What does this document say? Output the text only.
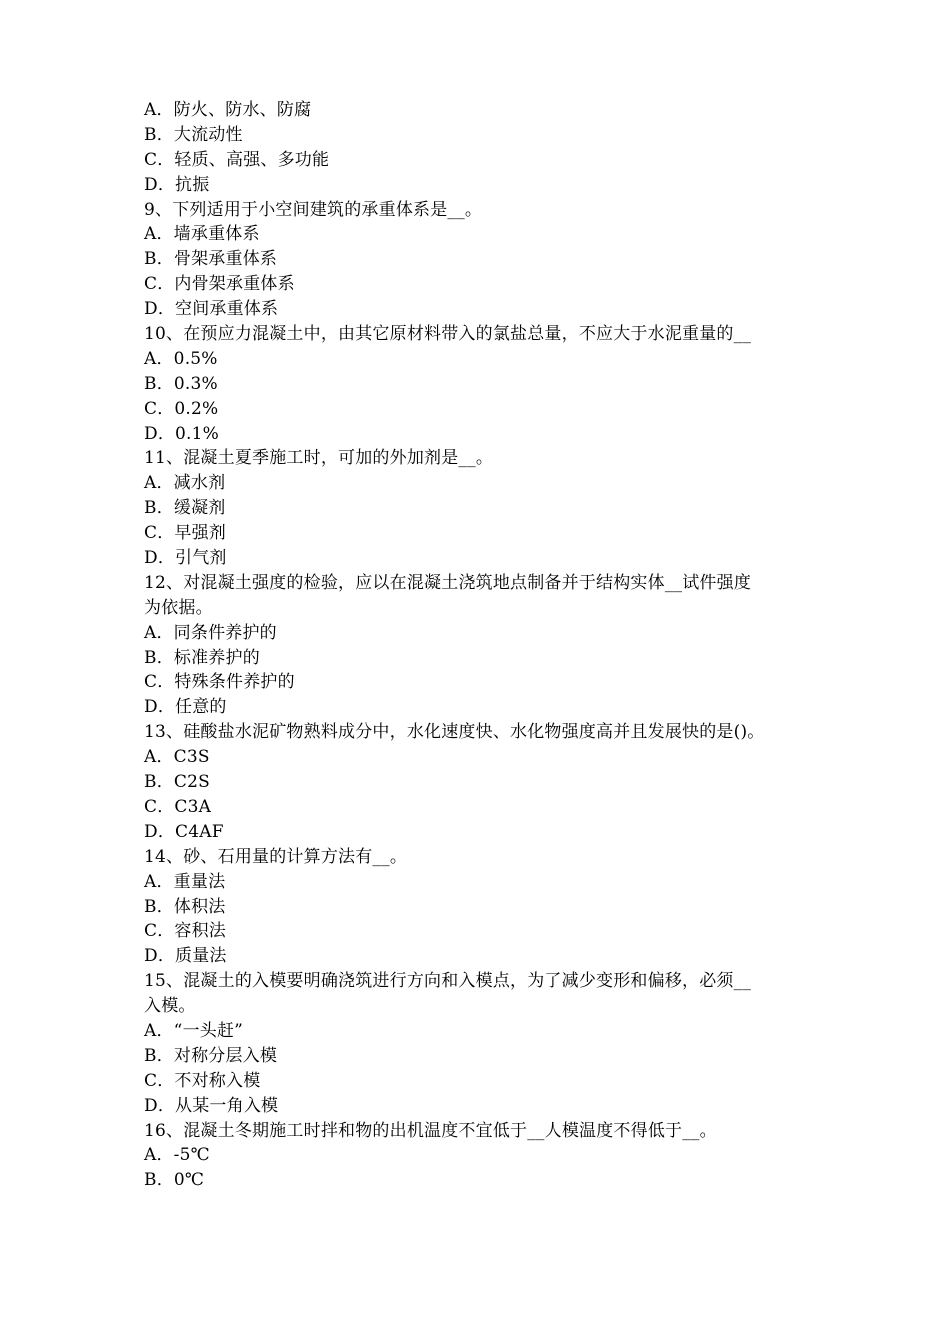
A．防火、防水、防腐
B．大流动性
C．轻质、高强、多功能
D．抗振
9、下列适用于小空间建筑的承重体系是__。
A．墙承重体系
B．骨架承重体系
C．内骨架承重体系
D．空间承重体系
10、在预应力混凝土中，由其它原材料带入的氯盐总量，不应大于水泥重量的__
A．0.5%
B．0.3%
C．0.2%
D．0.1%
11、混凝土夏季施工时，可加的外加剂是__。
A．减水剂
B．缓凝剂
C．早强剂
D．引气剂
12、对混凝土强度的检验，应以在混凝土浇筑地点制备并于结构实体__试件强度
为依据。
A．同条件养护的
B．标准养护的
C．特殊条件养护的
D．任意的
13、硅酸盐水泥矿物熟料成分中，水化速度快、水化物强度高并且发展快的是()。
A．C3S
B．C2S
C．C3A
D．C4AF
14、砂、石用量的计算方法有__。
A．重量法
B．体积法
C．容积法
D．质量法
15、混凝土的入模要明确浇筑进行方向和入模点，为了减少变形和偏移，必须__
入模。
A．“一头赶”
B．对称分层入模
C．不对称入模
D．从某一角入模
16、混凝土冬期施工时拌和物的出机温度不宜低于__人模温度不得低于__。
A．-5℃
B．0℃
